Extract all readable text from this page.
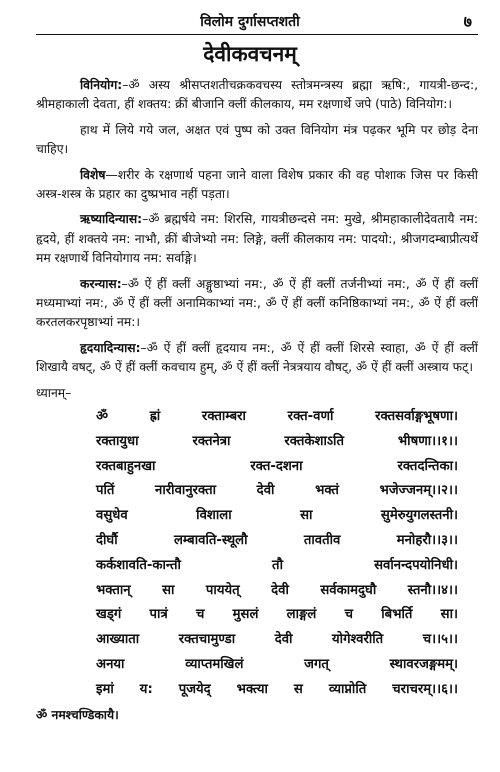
विलोम दुर्गासप्तशती	७
देवीकवचनम्

विनियोग:–ॐ अस्य श्रीसप्तशतीचक्रकवचस्य स्तोत्रमन्त्रस्य ब्रह्मा ऋषि:, गायत्री-छन्द:, श्रीमहाकाली देवता, हीं शक्तय: क्रीं बीजानि क्लीं कीलकाय, मम रक्षणार्थे जपे (पाठे) विनियोग:।

हाथ में लिये गये जल, अक्षत एवं पुष्प को उक्त विनियोग मंत्र पढ़कर भूमि पर छोड़ देना चाहिए।

विशेष—शरीर के रक्षणार्थ पहना जाने वाला विशेष प्रकार की वह पोशाक जिस पर किसी अस्त्र-शस्त्र के प्रहार का दुष्प्रभाव नहीं पड़ता।

ऋष्यादिन्यास:–ॐ ब्रह्मर्षये नम: शिरसि, गायत्रीछन्दसे नम: मुखे, श्रीमहाकालीदेवतायै नम: हृदये, हीं शक्तये नम: नाभौ, क्रीं बीजेभ्यो नम: लिङ्गे, क्लीं कीलकाय नम: पादयो:, श्रीजगदम्बाप्रीत्यर्थे मम रक्षणार्थे विनियोगाय नम: सर्वाङ्गे।

करन्यास:–ॐ ऐं हीं क्लीं अङ्गुष्ठाभ्यां नम:, ॐ ऐं हीं क्लीं तर्जनीभ्यां नम:, ॐ ऐं हीं क्लीं मध्यमाभ्यां नम:, ॐ ऐं हीं क्लीं अनामिकाभ्यां नम:, ॐ ऐं हीं क्लीं कनिष्ठिकाभ्यां नम:, ॐ ऐं हीं क्लीं करतलकरपृष्ठाभ्यां नम:।

हृदयादिन्यास:–ॐ ऐं हीं क्लीं हृदयाय नम:, ॐ ऐं हीं क्लीं शिरसे स्वाहा, ॐ ऐं हीं क्लीं शिखायै वषट्, ॐ ऐं हीं क्लीं कवचाय हुम्, ॐ ऐं हीं क्लीं नेत्रत्रयाय वौषट्, ॐ ऐं हीं क्लीं अस्त्राय फट्।

ध्यानम्–

ॐ ह्रां रक्ताम्बरा रक्त-वर्णा रक्तसर्वाङ्गभूषणा।
रक्तायुधा रक्तनेत्रा रक्तकेशाऽति भीषणा।।१।।
रक्तबाहुनखा रक्त-दशना रक्तदन्तिका।
पतिं नारीवानुरक्ता देवी भक्तं भजेज्जनम्।।२।।
वसुधेव विशाला सा सुमेरुयुगलस्तनी।
दीर्घौ लम्बावति-स्थूलौ तावतीव मनोहरौ।।३।।
कर्कशावति-कान्तौ तौ सर्वानन्दपयोनिधी।
भक्तान् सा पाययेत् देवी सर्वकामदुघौ स्तनौ।।४।।
खड्गं पात्रं च मुसलं लाङ्गलं च बिभर्ति सा।
आख्याता रक्तचामुण्डा देवी योगेश्वरीति च।।५।।
अनया व्याप्तमखिलं जगत् स्थावरजङ्गमम्।
इमां य: पूजयेद् भक्त्या स व्याप्नोति चराचरम्।।६।।
ॐ नमश्चण्डिकायै।
